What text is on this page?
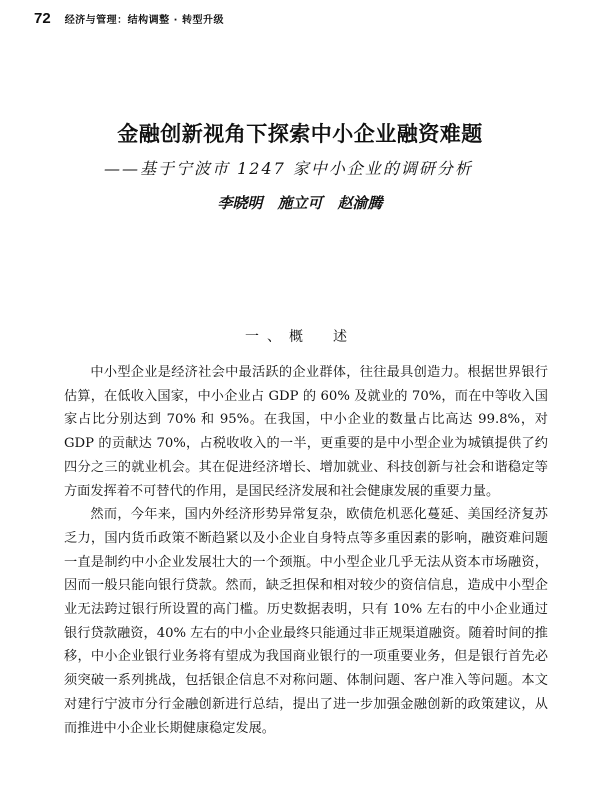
72 经济与管理：结构调整 · 转型升级
金融创新视角下探索中小企业融资难题
——基于宁波市 1247 家中小企业的调研分析
李晓明　施立可　赵渝腾
一、概　述

中小型企业是经济社会中最活跃的企业群体，往往最具创造力。根据世界银行估算，在低收入国家，中小企业占 GDP 的 60% 及就业的 70%，而在中等收入国家占比分别达到 70% 和 95%。在我国，中小企业的数量占比高达 99.8%，对 GDP 的贡献达 70%，占税收收入的一半，更重要的是中小型企业为城镇提供了约四分之三的就业机会。其在促进经济增长、增加就业、科技创新与社会和谐稳定等方面发挥着不可替代的作用，是国民经济发展和社会健康发展的重要力量。

然而，今年来，国内外经济形势异常复杂，欧债危机恶化蔓延、美国经济复苏乏力，国内货币政策不断趋紧以及小企业自身特点等多重因素的影响，融资难问题一直是制约中小企业发展壮大的一个颈瓶。中小型企业几乎无法从资本市场融资，因而一般只能向银行贷款。然而，缺乏担保和相对较少的资信信息，造成中小型企业无法跨过银行所设置的高门槛。历史数据表明，只有 10% 左右的中小企业通过银行贷款融资，40% 左右的中小企业最终只能通过非正规渠道融资。随着时间的推移，中小企业银行业务将有望成为我国商业银行的一项重要业务，但是银行首先必须突破一系列挑战，包括银企信息不对称问题、体制问题、客户准入等问题。本文对建行宁波市分行金融创新进行总结，提出了进一步加强金融创新的政策建议，从而推进中小企业长期健康稳定发展。
